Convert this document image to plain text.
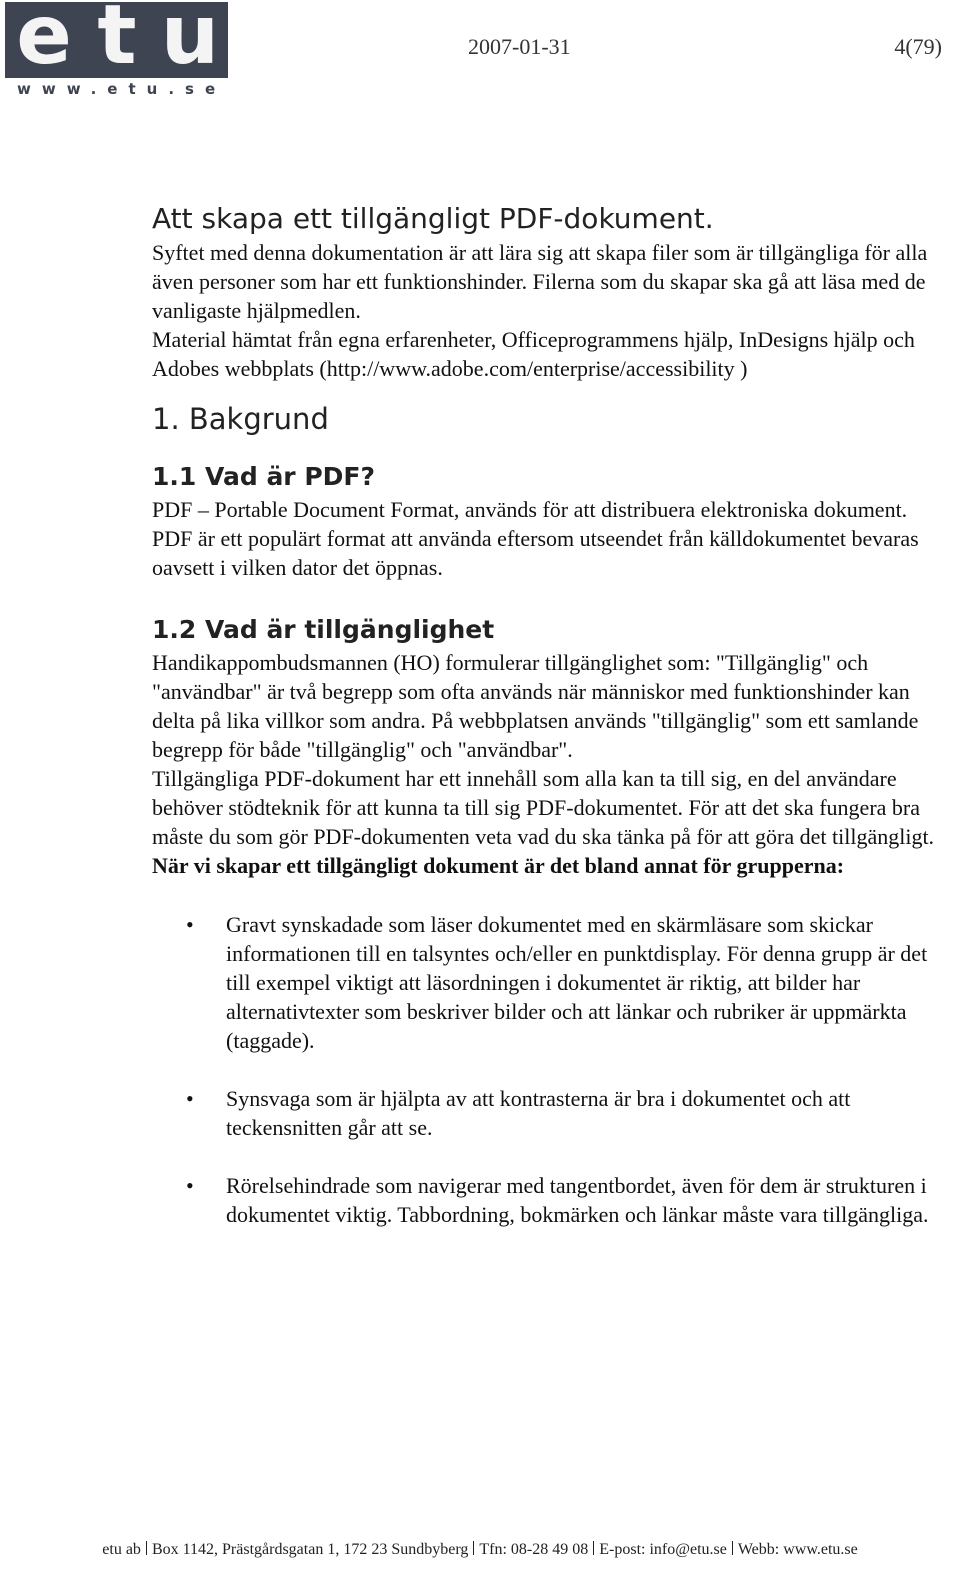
e t u
www.etu.se
2007-01-31	4(79)
Att skapa ett tillgängligt PDF-dokument.

Syftet med denna dokumentation är att lära sig att skapa filer som är tillgängliga för alla även personer som har ett funktionshinder. Filerna som du skapar ska gå att läsa med de vanligaste hjälpmedlen.

Material hämtat från egna erfarenheter, Officeprogrammens hjälp, InDesigns hjälp och Adobes webbplats (http://www.adobe.com/enterprise/accessibility )

1. Bakgrund
1.1 Vad är PDF?

PDF – Portable Document Format, används för att distribuera elektroniska dokument.

PDF är ett populärt format att använda eftersom utseendet från källdokumentet bevaras oavsett i vilken dator det öppnas.

1.2 Vad är tillgänglighet

Handikappombudsmannen (HO) formulerar tillgänglighet som: "Tillgänglig" och "användbar" är två begrepp som ofta används när människor med funktionshinder kan delta på lika villkor som andra. På webbplatsen används "tillgänglig" som ett samlande begrepp för både "tillgänglig" och "användbar".

Tillgängliga PDF-dokument har ett innehåll som alla kan ta till sig, en del användare behöver stödteknik för att kunna ta till sig PDF-dokumentet. För att det ska fungera bra måste du som gör PDF-dokumenten veta vad du ska tänka på för att göra det tillgängligt.

När vi skapar ett tillgängligt dokument är det bland annat för grupperna:

• Gravt synskadade som läser dokumentet med en skärmläsare som skickar informationen till en talsyntes och/eller en punktdisplay. För denna grupp är det till exempel viktigt att läsordningen i dokumentet är riktig, att bilder har alternativtexter som beskriver bilder och att länkar och rubriker är uppmärkta (taggade).
• Synsvaga som är hjälpta av att kontrasterna är bra i dokumentet och att teckensnitten går att se.
• Rörelsehindrade som navigerar med tangentbordet, även för dem är strukturen i dokumentet viktig. Tabbordning, bokmärken och länkar måste vara tillgängliga.
etu ab Box 1142, Prästgårdsgatan 1, 172 23 Sundbyberg Tfn: 08-28 49 08 E-post: info@etu.se Webb: www.etu.se
